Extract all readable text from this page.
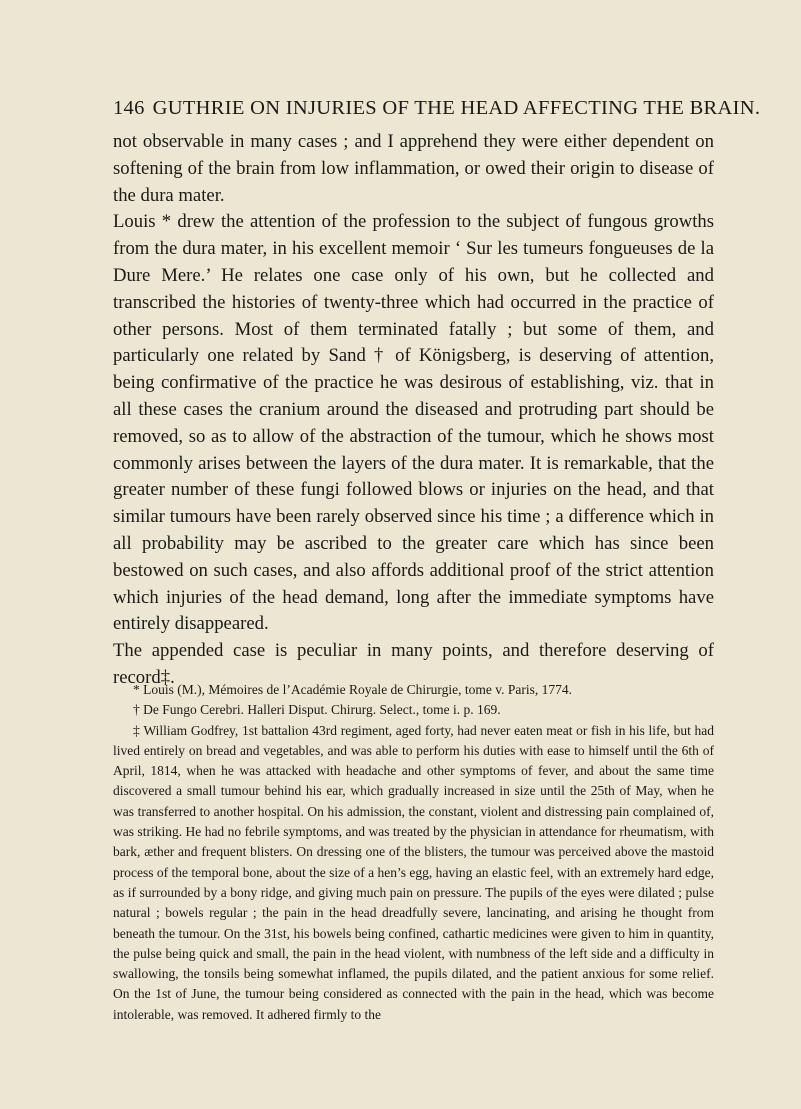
146 GUTHRIE ON INJURIES OF THE HEAD AFFECTING THE BRAIN.

not observable in many cases ; and I apprehend they were either dependent on softening of the brain from low inflammation, or owed their origin to disease of the dura mater.

Louis * drew the attention of the profession to the subject of fungous growths from the dura mater, in his excellent memoir ‘ Sur les tumeurs fongueuses de la Dure Mere.’ He relates one case only of his own, but he collected and transcribed the histories of twenty-three which had occurred in the practice of other persons. Most of them terminated fatally ; but some of them, and particularly one related by Sand † of Königsberg, is deserving of attention, being confirmative of the practice he was desirous of establishing, viz. that in all these cases the cranium around the diseased and protruding part should be removed, so as to allow of the abstraction of the tumour, which he shows most commonly arises between the layers of the dura mater. It is remarkable, that the greater number of these fungi followed blows or injuries on the head, and that similar tumours have been rarely observed since his time ; a difference which in all probability may be ascribed to the greater care which has since been bestowed on such cases, and also affords additional proof of the strict attention which injuries of the head demand, long after the immediate symptoms have entirely disappeared.

The appended case is peculiar in many points, and therefore deserving of record‡.

* Louis (M.), Mémoires de l’Académie Royale de Chirurgie, tome v. Paris, 1774.

† De Fungo Cerebri. Halleri Disput. Chirurg. Select., tome i. p. 169.

‡ William Godfrey, 1st battalion 43rd regiment, aged forty, had never eaten meat or fish in his life, but had lived entirely on bread and vegetables, and was able to perform his duties with ease to himself until the 6th of April, 1814, when he was attacked with headache and other symptoms of fever, and about the same time discovered a small tumour behind his ear, which gradually increased in size until the 25th of May, when he was transferred to another hospital. On his admission, the constant, violent and distressing pain complained of, was striking. He had no febrile symptoms, and was treated by the physician in attendance for rheumatism, with bark, æther and frequent blisters. On dressing one of the blisters, the tumour was perceived above the mastoid process of the temporal bone, about the size of a hen’s egg, having an elastic feel, with an extremely hard edge, as if surrounded by a bony ridge, and giving much pain on pressure. The pupils of the eyes were dilated ; pulse natural ; bowels regular ; the pain in the head dreadfully severe, lancinating, and arising he thought from beneath the tumour. On the 31st, his bowels being confined, cathartic medicines were given to him in quantity, the pulse being quick and small, the pain in the head violent, with numbness of the left side and a difficulty in swallowing, the tonsils being somewhat inflamed, the pupils dilated, and the patient anxious for some relief. On the 1st of June, the tumour being considered as connected with the pain in the head, which was become intolerable, was removed. It adhered firmly to the
